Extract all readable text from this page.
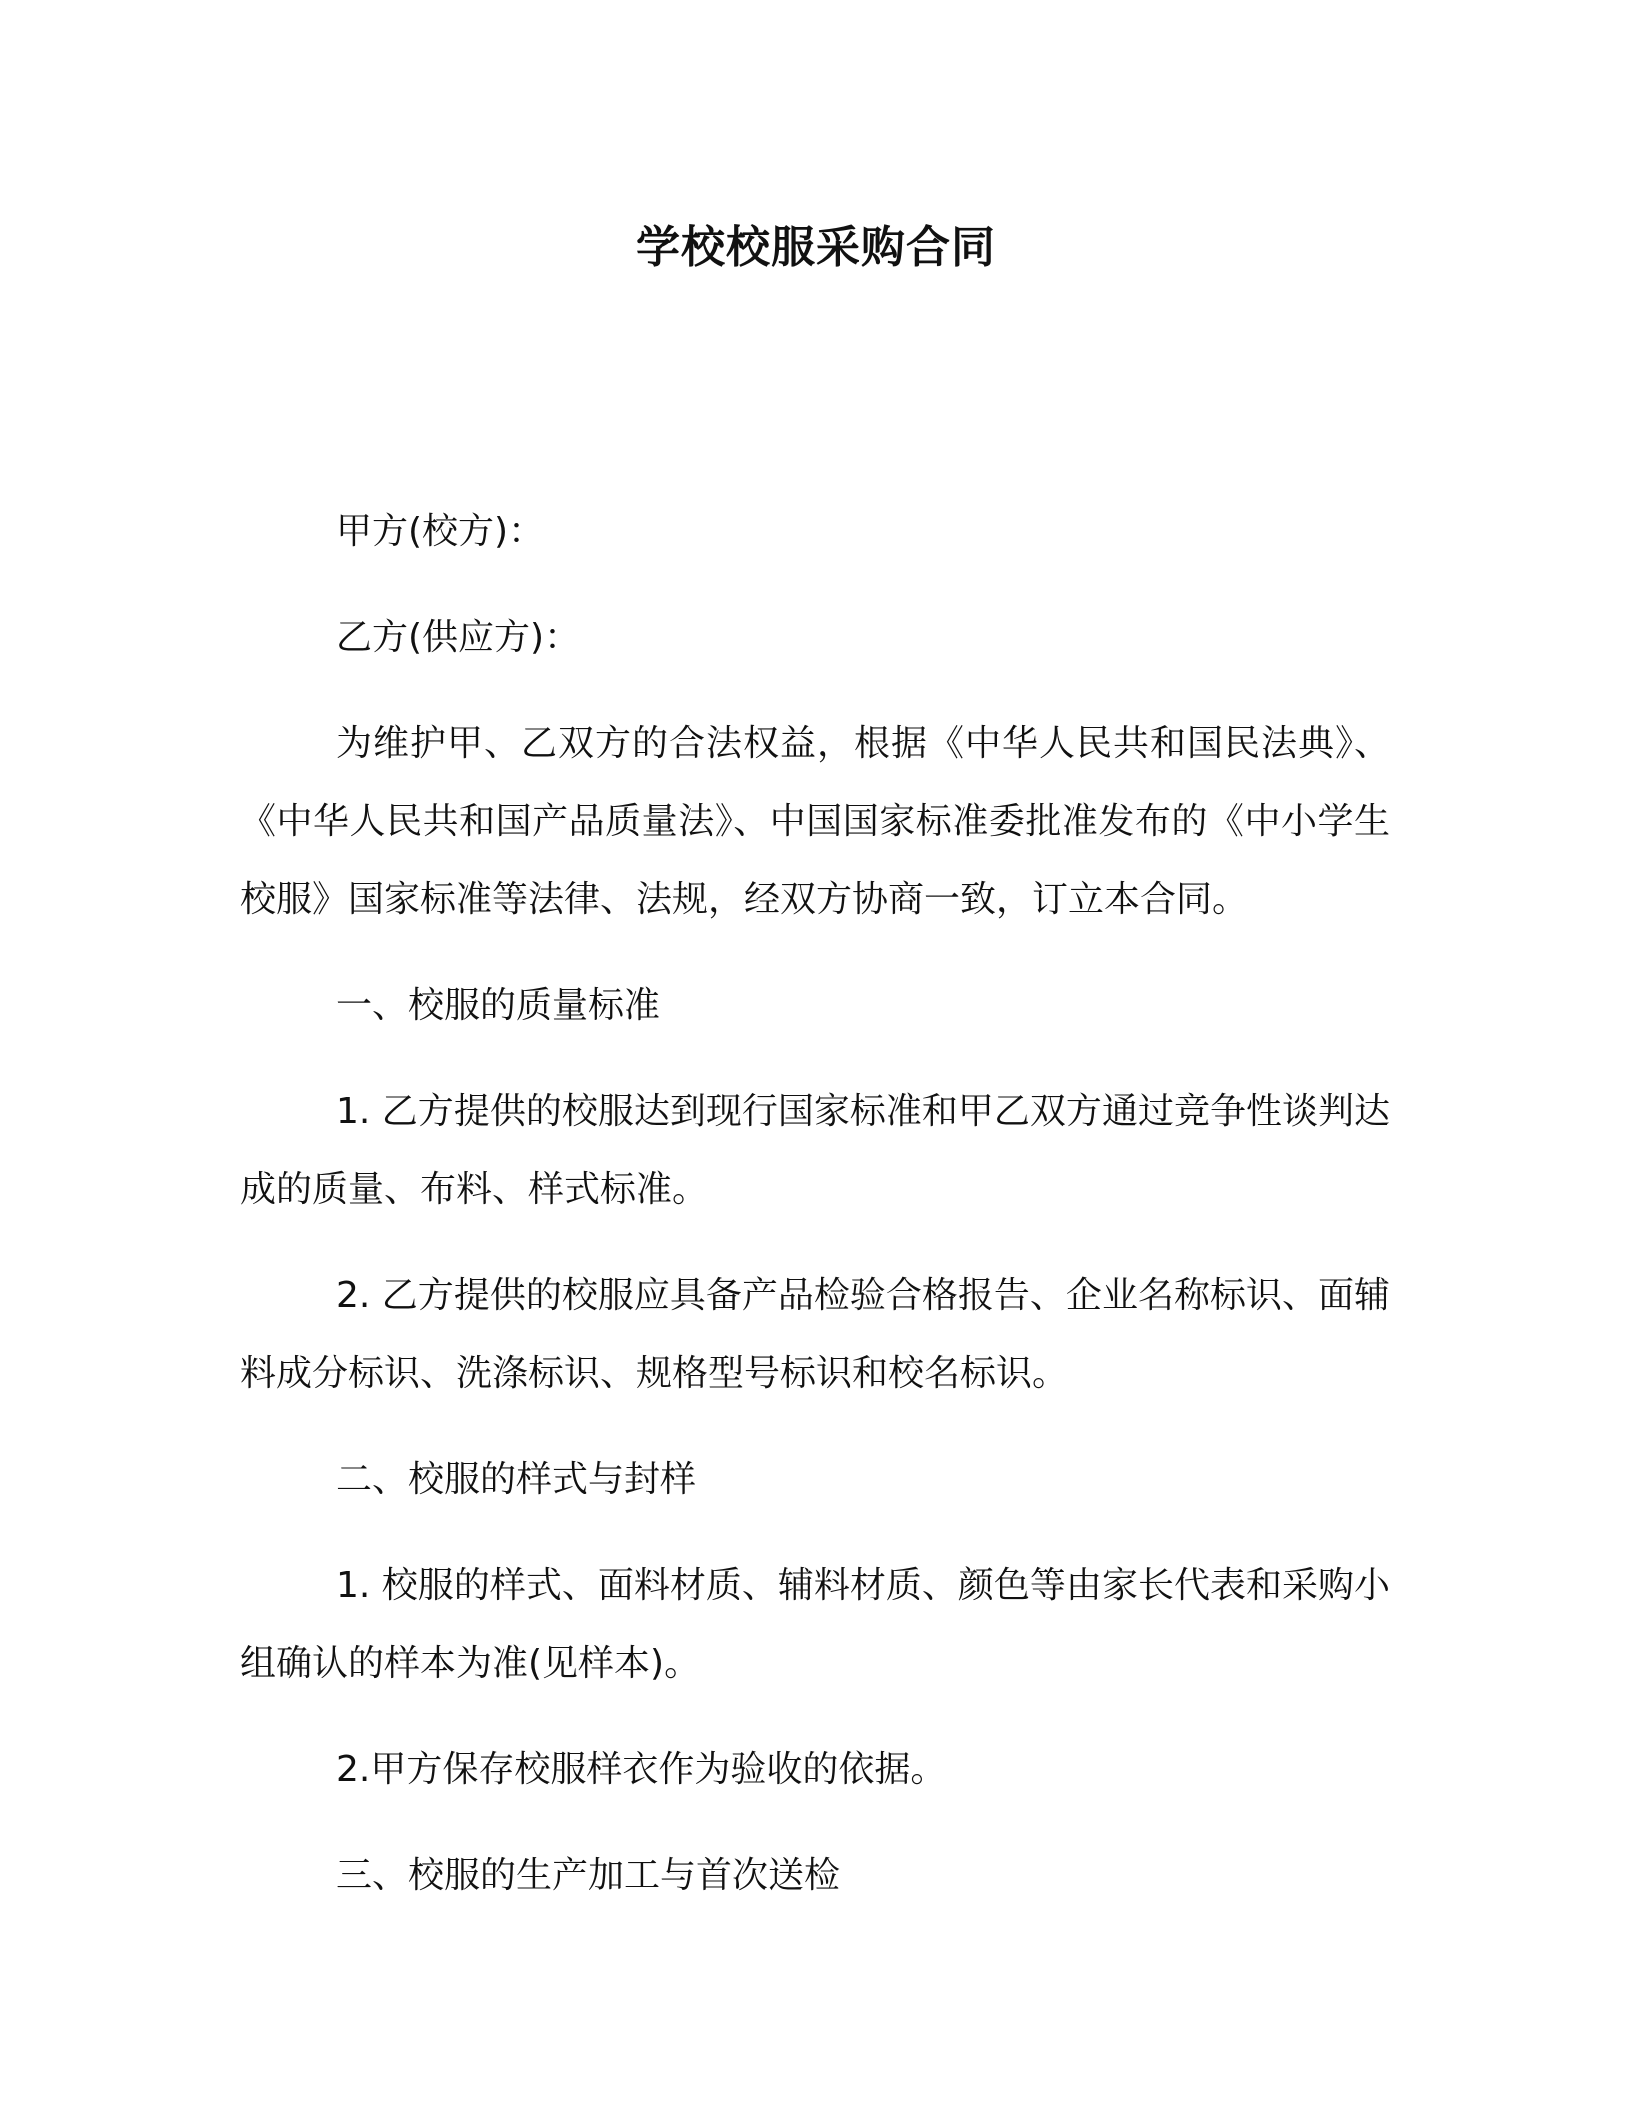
学校校服采购合同

甲方(校方)：

乙方(供应方)：

为维护甲、乙双方的合法权益，根据《中华人民共和国民法典》、《中华人民共和国产品质量法》、中国国家标准委批准发布的《中小学生校服》国家标准等法律、法规，经双方协商一致，订立本合同。

一、校服的质量标准

1. 乙方提供的校服达到现行国家标准和甲乙双方通过竞争性谈判达成的质量、布料、样式标准。

2. 乙方提供的校服应具备产品检验合格报告、企业名称标识、面辅料成分标识、洗涤标识、规格型号标识和校名标识。

二、校服的样式与封样

1. 校服的样式、面料材质、辅料材质、颜色等由家长代表和采购小组确认的样本为准(见样本)。

2.甲方保存校服样衣作为验收的依据。

三、校服的生产加工与首次送检
